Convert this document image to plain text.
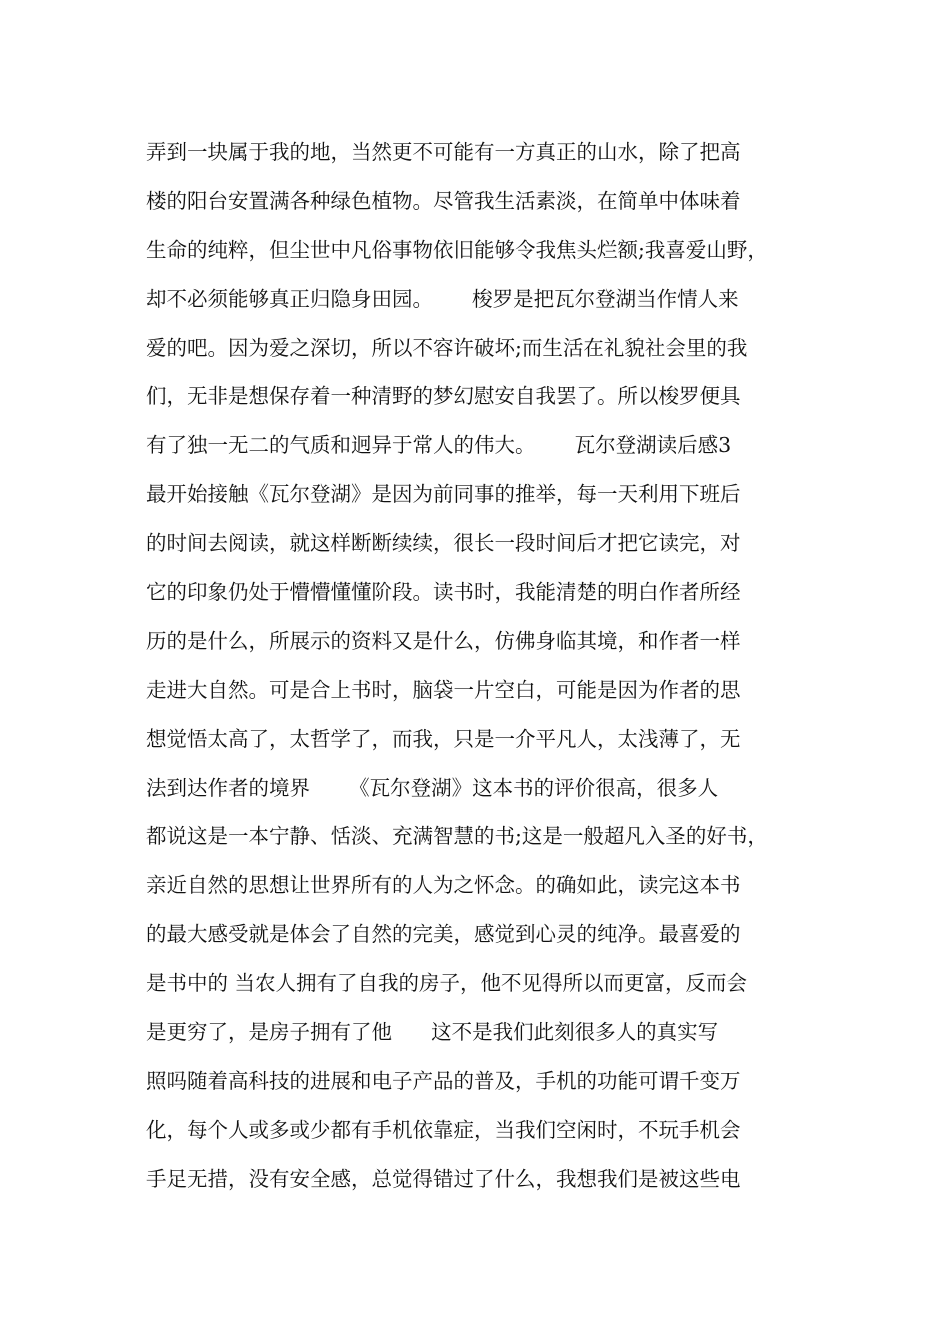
弄到一块属于我的地，当然更不可能有一方真正的山水，除了把高
楼的阳台安置满各种绿色植物。尽管我生活素淡，在简单中体味着
生命的纯粹，但尘世中凡俗事物依旧能够令我焦头烂额;我喜爱山野，
却不必须能够真正归隐身田园。      梭罗是把瓦尔登湖当作情人来
爱的吧。因为爱之深切，所以不容许破坏;而生活在礼貌社会里的我
们，无非是想保存着一种清野的梦幻慰安自我罢了。所以梭罗便具
有了独一无二的气质和迥异于常人的伟大。      瓦尔登湖读后感3
最开始接触《瓦尔登湖》是因为前同事的推举，每一天利用下班后
的时间去阅读，就这样断断续续，很长一段时间后才把它读完，对
它的印象仍处于懵懵懂懂阶段。读书时，我能清楚的明白作者所经
历的是什么，所展示的资料又是什么，仿佛身临其境，和作者一样
走进大自然。可是合上书时，脑袋一片空白，可能是因为作者的思
想觉悟太高了，太哲学了，而我，只是一介平凡人，太浅薄了，无
法到达作者的境界      《瓦尔登湖》这本书的评价很高，很多人
都说这是一本宁静、恬淡、充满智慧的书;这是一般超凡入圣的好书，
亲近自然的思想让世界所有的人为之怀念。的确如此，读完这本书
的最大感受就是体会了自然的完美，感觉到心灵的纯净。最喜爱的
是书中的 当农人拥有了自我的房子，他不见得所以而更富，反而会
是更穷了，是房子拥有了他      这不是我们此刻很多人的真实写
照吗随着高科技的进展和电子产品的普及，手机的功能可谓千变万
化，每个人或多或少都有手机依靠症，当我们空闲时，不玩手机会
手足无措，没有安全感，总觉得错过了什么，我想我们是被这些电
